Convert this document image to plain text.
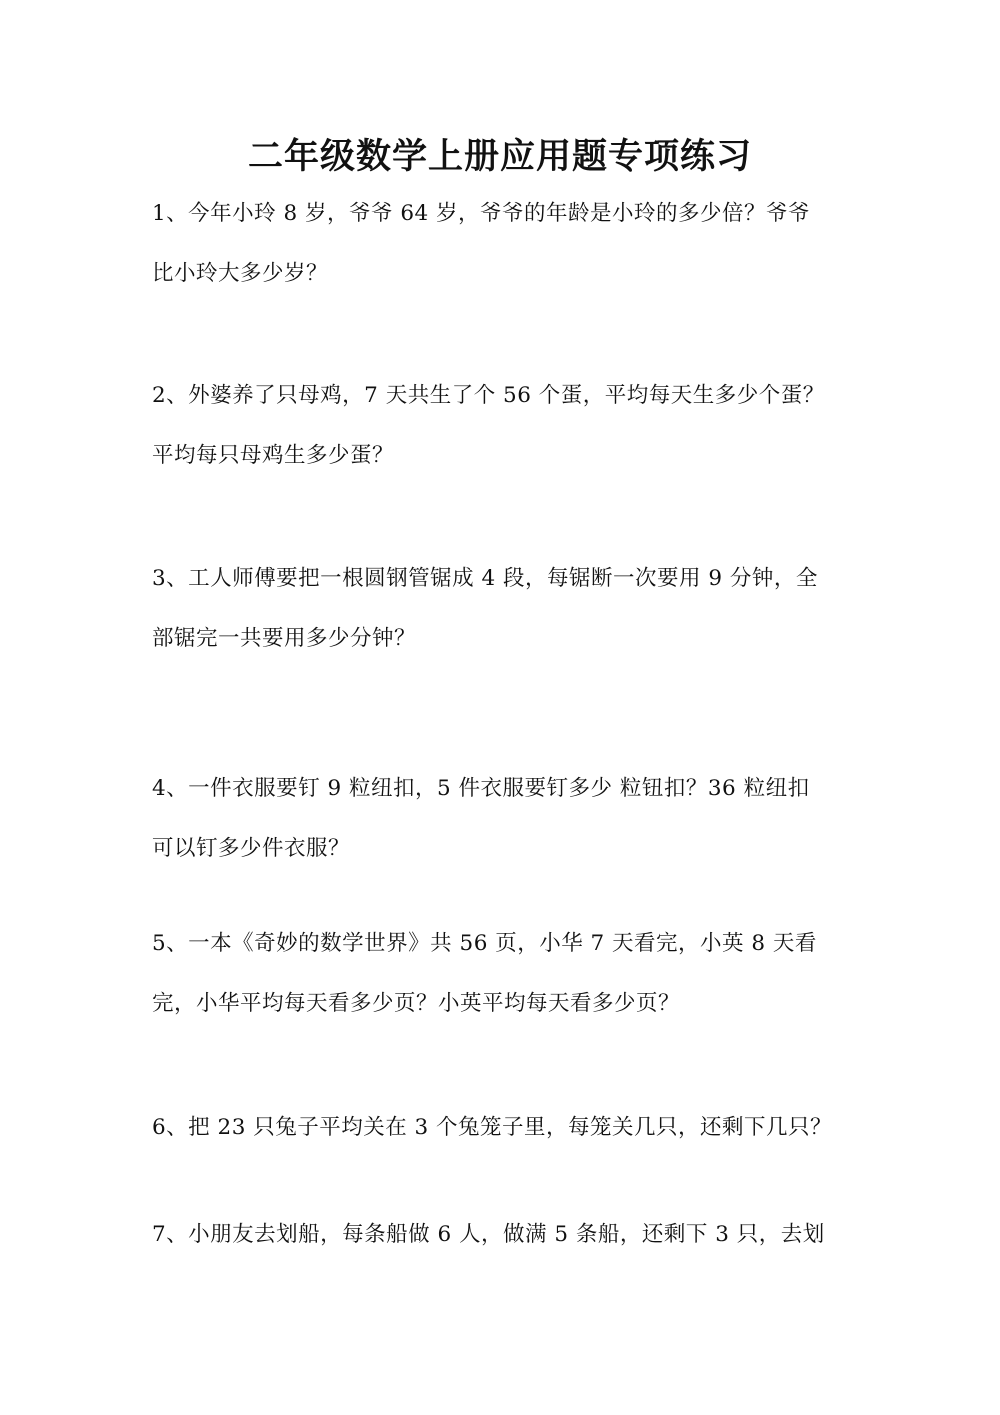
二年级数学上册应用题专项练习
1、今年小玲 8 岁，爷爷 64 岁，爷爷的年龄是小玲的多少倍？爷爷
比小玲大多少岁？
2、外婆养了只母鸡，7 天共生了个 56 个蛋，平均每天生多少个蛋？
平均每只母鸡生多少蛋？
3、工人师傅要把一根圆钢管锯成 4 段，每锯断一次要用 9 分钟，全
部锯完一共要用多少分钟？
4、一件衣服要钉 9 粒纽扣，5 件衣服要钉多少 粒钮扣？36 粒纽扣
可以钉多少件衣服？
5、一本《奇妙的数学世界》共 56 页，小华 7 天看完，小英 8 天看
完，小华平均每天看多少页？小英平均每天看多少页？
6、把 23 只兔子平均关在 3 个兔笼子里，每笼关几只，还剩下几只？
7、小朋友去划船，每条船做 6 人，做满 5 条船，还剩下 3 只，去划
